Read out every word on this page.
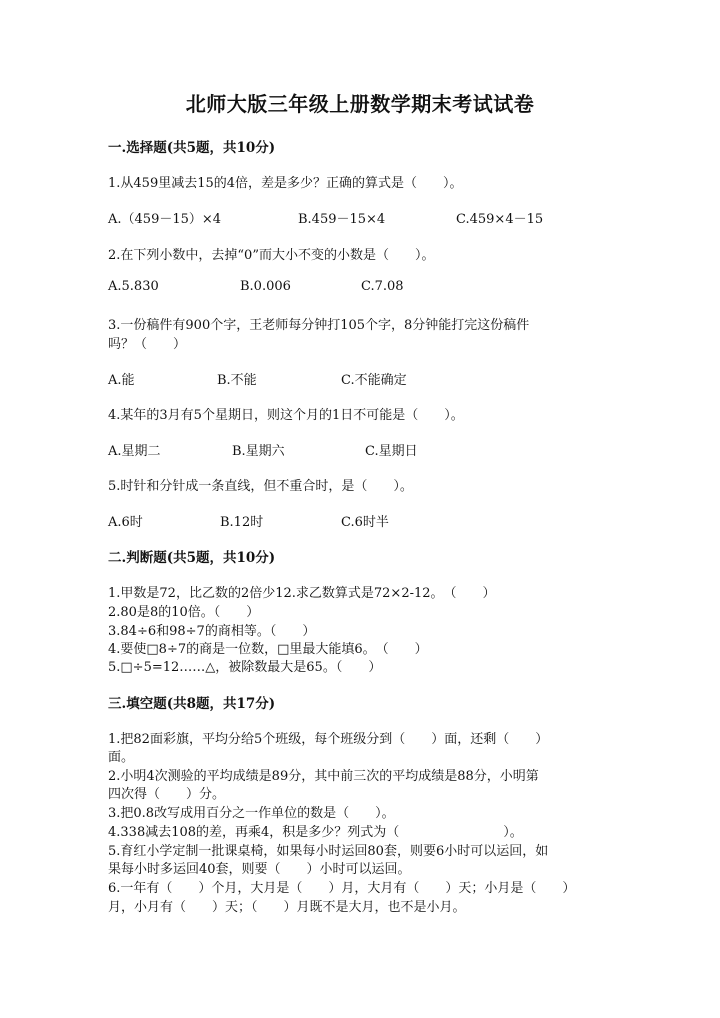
北师大版三年级上册数学期末考试试卷
一.选择题(共5题，共10分)
1.从459里减去15的4倍，差是多少？正确的算式是（　　）。
A.（459－15）×4	B.459－15×4	C.459×4－15
2.在下列小数中，去掉“0”而大小不变的小数是（　　）。
A.5.830	B.0.006	C.7.08
3.一份稿件有900个字，王老师每分钟打105个字，8分钟能打完这份稿件
吗？（　　）
A.能	B.不能	C.不能确定
4.某年的3月有5个星期日，则这个月的1日不可能是（　　）。
A.星期二	B.星期六	C.星期日
5.时针和分针成一条直线，但不重合时，是（　　）。
A.6时	B.12时	C.6时半
二.判断题(共5题，共10分)
1.甲数是72，比乙数的2倍少12.求乙数算式是72×2-12。　（　　）
2.80是8的10倍。（　　）
3.84÷6和98÷7的商相等。（　　）
4.要使□8÷7的商是一位数，□里最大能填6。　（　　）
5.□÷5=12……△，被除数最大是65。（　　）
三.填空题(共8题，共17分)
1.把82面彩旗，平均分给5个班级，每个班级分到（　　）面，还剩（　　）
面。
2.小明4次测验的平均成绩是89分，其中前三次的平均成绩是88分，小明第
四次得（　　）分。
3.把0.8改写成用百分之一作单位的数是（　　）。
4.338减去108的差，再乘4，积是多少？列式为（　　　　　　　　）。
5.育红小学定制一批课桌椅，如果每小时运回80套，则要6小时可以运回，如
果每小时多运回40套，则要（　　）小时可以运回。
6.一年有（　　）个月，大月是（　　）月，大月有（　　）天；小月是（　　）
月，小月有（　　）天；（　　）月既不是大月，也不是小月。
